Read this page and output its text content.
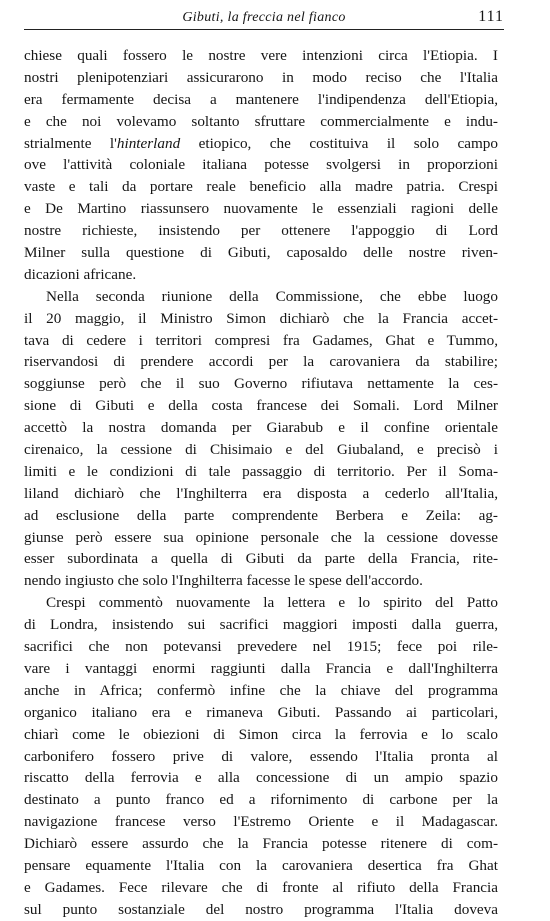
Gibuti, la freccia nel fianco	111
chiese quali fossero le nostre vere intenzioni circa l'Etiopia. I
nostri plenipotenziari assicurarono in modo reciso che l'Italia
era fermamente decisa a mantenere l'indipendenza dell'Etiopia,
e che noi volevamo soltanto sfruttare commercialmente e indu-
strialmente l'hinterland etiopico, che costituiva il solo campo
ove l'attività coloniale italiana potesse svolgersi in proporzioni
vaste e tali da portare reale beneficio alla madre patria. Crespi
e De Martino riassunsero nuovamente le essenziali ragioni delle
nostre richieste, insistendo per ottenere l'appoggio di Lord
Milner sulla questione di Gibuti, caposaldo delle nostre riven-
dicazioni africane.
Nella seconda riunione della Commissione, che ebbe luogo
il 20 maggio, il Ministro Simon dichiarò che la Francia accet-
tava di cedere i territori compresi fra Gadames, Ghat e Tummo,
riservandosi di prendere accordi per la carovaniera da stabilire;
soggiunse però che il suo Governo rifiutava nettamente la ces-
sione di Gibuti e della costa francese dei Somali. Lord Milner
accettò la nostra domanda per Giarabub e il confine orientale
cirenaico, la cessione di Chisimaio e del Giubaland, e precisò i
limiti e le condizioni di tale passaggio di territorio. Per il Soma-
liland dichiarò che l'Inghilterra era disposta a cederlo all'Italia,
ad esclusione della parte comprendente Berbera e Zeila: ag-
giunse però essere sua opinione personale che la cessione dovesse
esser subordinata a quella di Gibuti da parte della Francia, rite-
nendo ingiusto che solo l'Inghilterra facesse le spese dell'accordo.
Crespi commentò nuovamente la lettera e lo spirito del Patto
di Londra, insistendo sui sacrifici maggiori imposti dalla guerra,
sacrifici che non potevansi prevedere nel 1915; fece poi rile-
vare i vantaggi enormi raggiunti dalla Francia e dall'Inghilterra
anche in Africa; confermò infine che la chiave del programma
organico italiano era e rimaneva Gibuti. Passando ai particolari,
chiarì come le obiezioni di Simon circa la ferrovia e lo scalo
carbonifero fossero prive di valore, essendo l'Italia pronta al
riscatto della ferrovia e alla concessione di un ampio spazio
destinato a punto franco ed a rifornimento di carbone per la
navigazione francese verso l'Estremo Oriente e il Madagascar.
Dichiarò essere assurdo che la Francia potesse ritenere di com-
pensare equamente l'Italia con la carovaniera desertica fra Ghat
e Gadames. Fece rilevare che di fronte al rifiuto della Francia
sul punto sostanziale del nostro programma l'Italia doveva
